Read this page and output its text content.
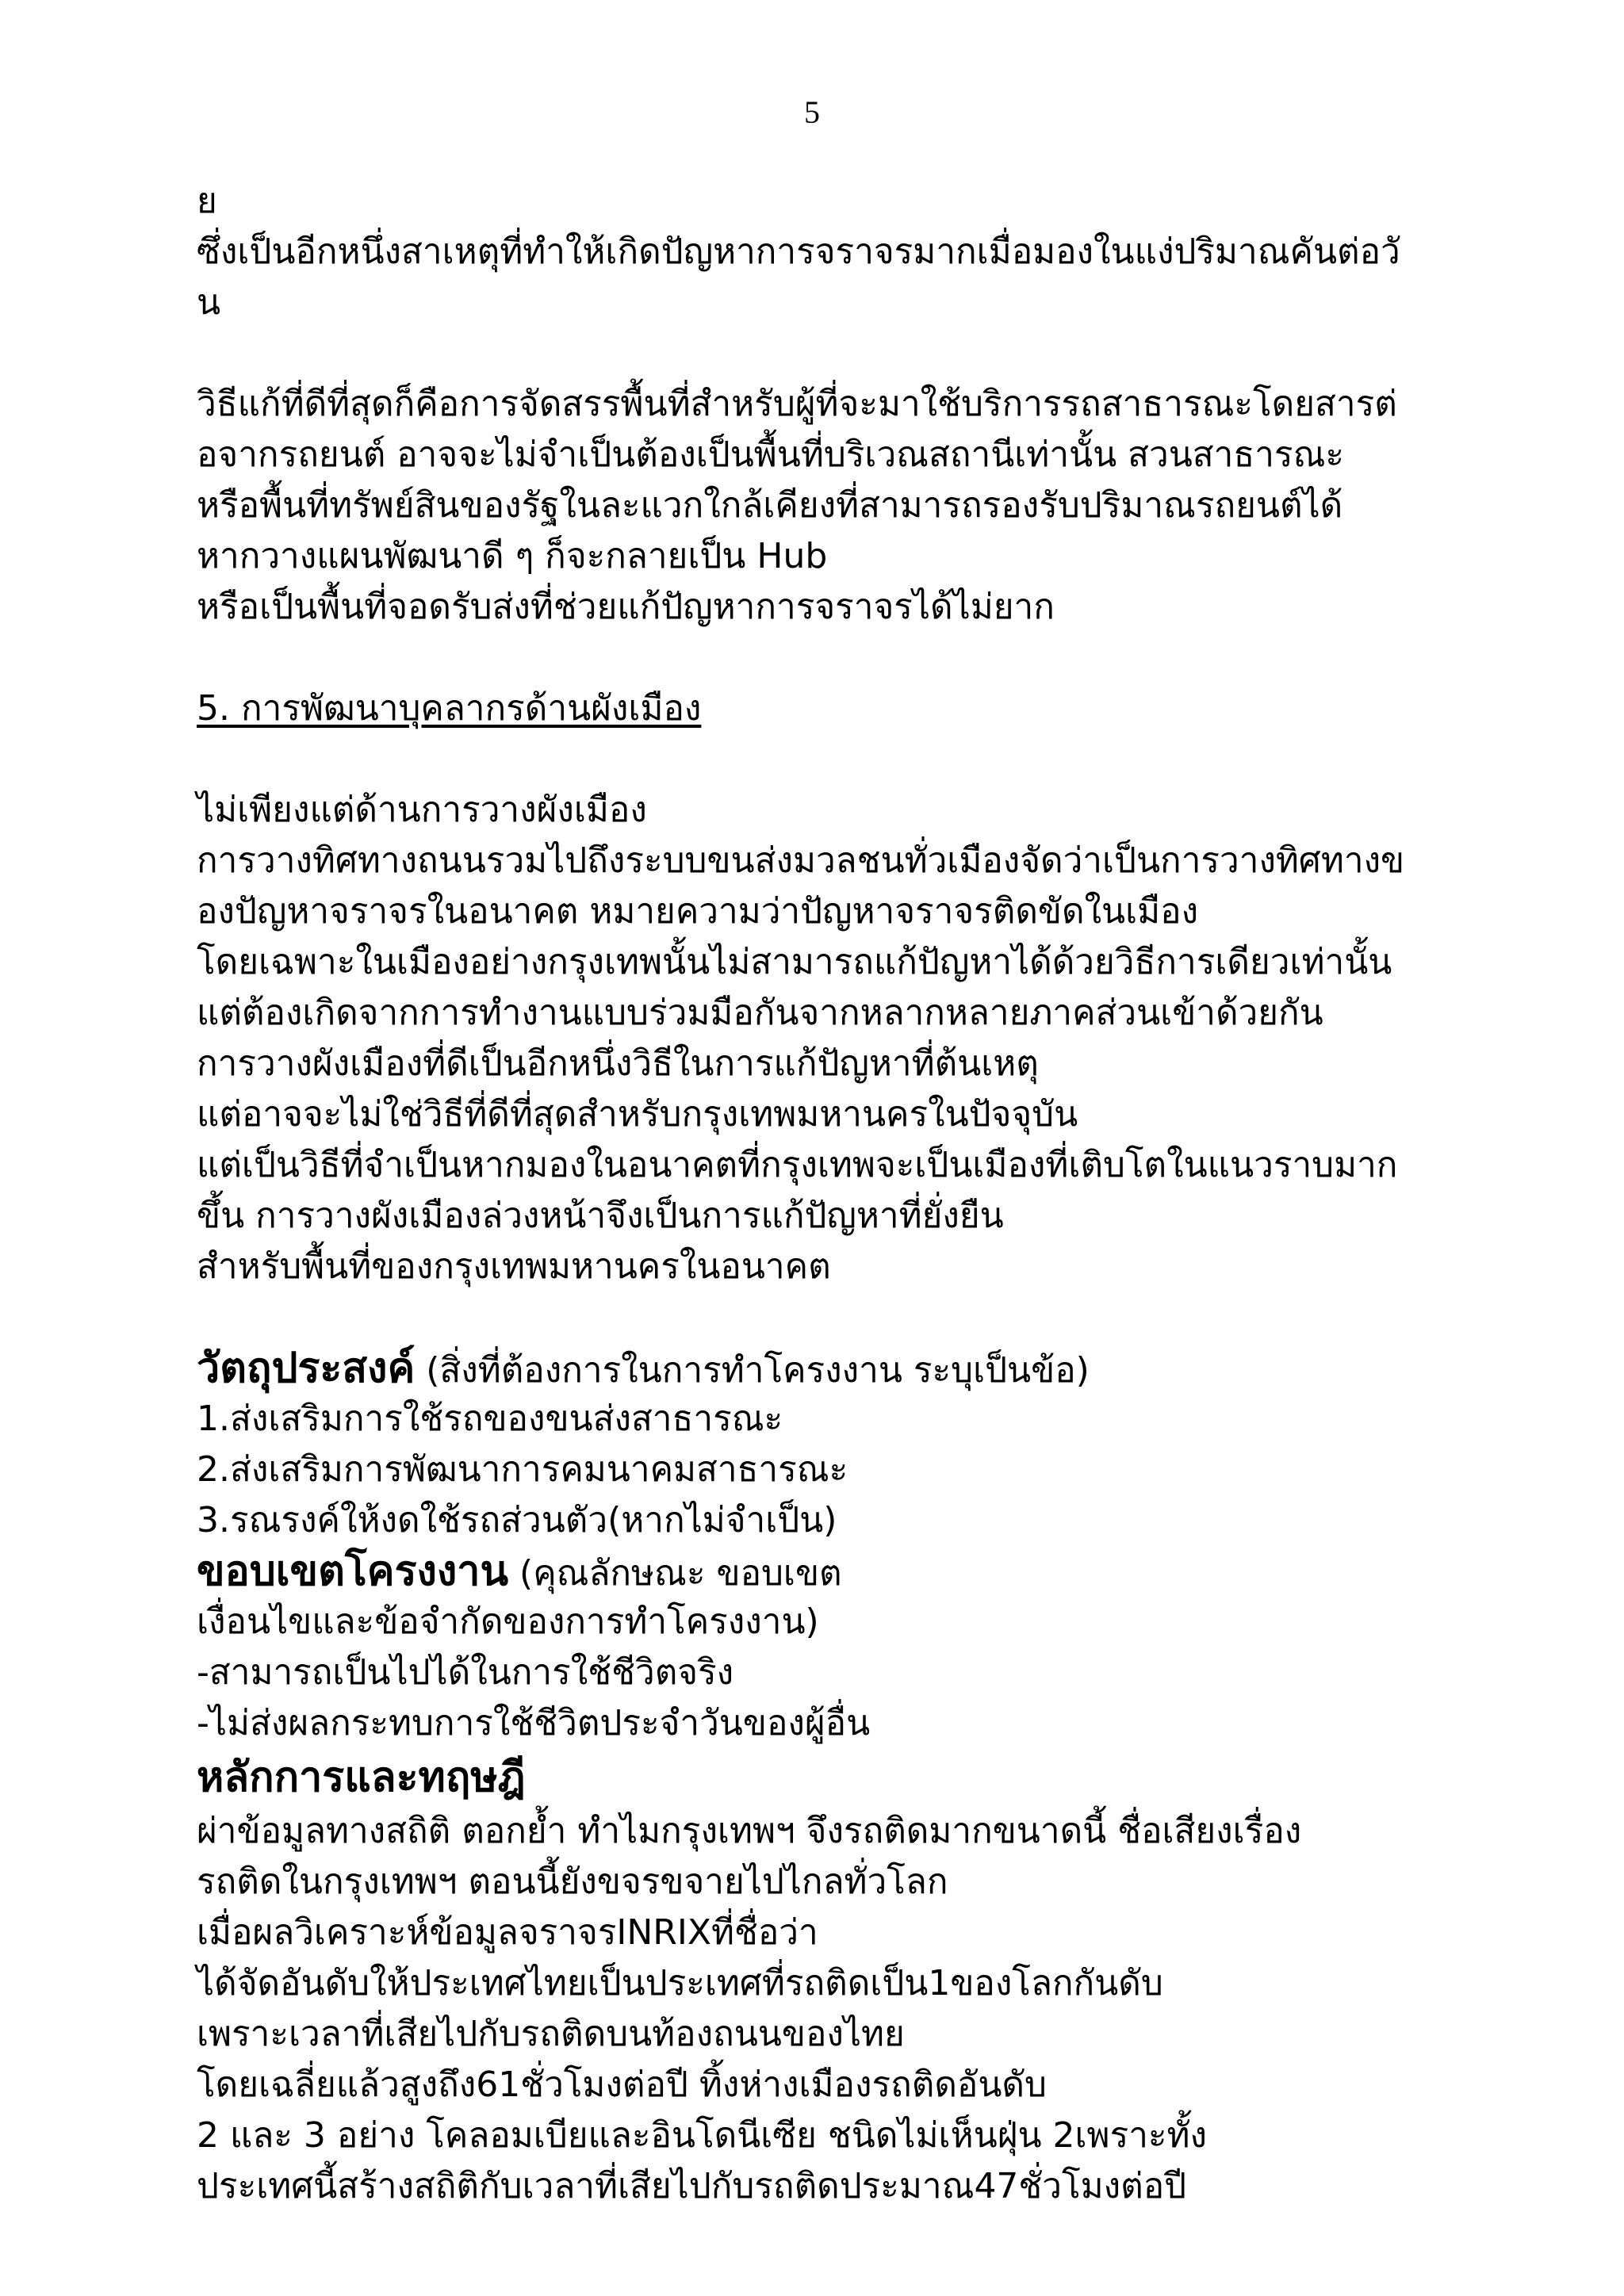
5
ย
ซึ่งเป็นอีกหนึ่งสาเหตุที่ทำให้เกิดปัญหาการจราจรมากเมื่อมองในแง่ปริมาณคันต่อวั
น
วิธีแก้ที่ดีที่สุดก็คือการจัดสรรพื้นที่สำหรับผู้ที่จะมาใช้บริการรถสาธารณะโดยสารต่
อจากรถยนต์ อาจจะไม่จำเป็นต้องเป็นพื้นที่บริเวณสถานีเท่านั้น สวนสาธารณะ
หรือพื้นที่ทรัพย์สินของรัฐในละแวกใกล้เคียงที่สามารถรองรับปริมาณรถยนต์ได้
หากวางแผนพัฒนาดี ๆ ก็จะกลายเป็น Hub
หรือเป็นพื้นที่จอดรับส่งที่ช่วยแก้ปัญหาการจราจรได้ไม่ยาก
5. การพัฒนาบุคลากรด้านผังเมือง
ไม่เพียงแต่ด้านการวางผังเมือง
การวางทิศทางถนนรวมไปถึงระบบขนส่งมวลชนทั่วเมืองจัดว่าเป็นการวางทิศทางข
องปัญหาจราจรในอนาคต หมายความว่าปัญหาจราจรติดขัดในเมือง
โดยเฉพาะในเมืองอย่างกรุงเทพนั้นไม่สามารถแก้ปัญหาได้ด้วยวิธีการเดียวเท่านั้น
แต่ต้องเกิดจากการทำงานแบบร่วมมือกันจากหลากหลายภาคส่วนเข้าด้วยกัน
การวางผังเมืองที่ดีเป็นอีกหนึ่งวิธีในการแก้ปัญหาที่ต้นเหตุ
แต่อาจจะไม่ใช่วิธีที่ดีที่สุดสำหรับกรุงเทพมหานครในปัจจุบัน
แต่เป็นวิธีที่จำเป็นหากมองในอนาคตที่กรุงเทพจะเป็นเมืองที่เติบโตในแนวราบมาก
ขึ้น การวางผังเมืองล่วงหน้าจึงเป็นการแก้ปัญหาที่ยั่งยืน
สำหรับพื้นที่ของกรุงเทพมหานครในอนาคต
วัตถุประสงค์ (สิ่งที่ต้องการในการทำโครงงาน ระบุเป็นข้อ)
1.ส่งเสริมการใช้รถของขนส่งสาธารณะ
2.ส่งเสริมการพัฒนาการคมนาคมสาธารณะ
3.รณรงค์ให้งดใช้รถส่วนตัว(หากไม่จำเป็น)
ขอบเขตโครงงาน (คุณลักษณะ ขอบเขต
เงื่อนไขและข้อจำกัดของการทำโครงงาน)
-สามารถเป็นไปได้ในการใช้ชีวิตจริง
-ไม่ส่งผลกระทบการใช้ชีวิตประจำวันของผู้อื่น
หลักการและทฤษฎี
ผ่าข้อมูลทางสถิติ ตอกย้ำ ทำไมกรุงเทพฯ จึงรถติดมากขนาดนี้ ชื่อเสียงเรื่อง
รถติดในกรุงเทพฯ ตอนนี้ยังขจรขจายไปไกลทั่วโลก
เมื่อผลวิเคราะห์ข้อมูลจราจรINRIXที่ชื่อว่า
ได้จัดอันดับให้ประเทศไทยเป็นประเทศที่รถติดเป็น1ของโลกกันดับ
เพราะเวลาที่เสียไปกับรถติดบนท้องถนนของไทย
โดยเฉลี่ยแล้วสูงถึง61ชั่วโมงต่อปี ทิ้งห่างเมืองรถติดอันดับ
2 และ 3 อย่าง โคลอมเบียและอินโดนีเซีย ชนิดไม่เห็นฝุ่น 2เพราะทั้ง
ประเทศนี้สร้างสถิติกับเวลาที่เสียไปกับรถติดประมาณ47ชั่วโมงต่อปี
